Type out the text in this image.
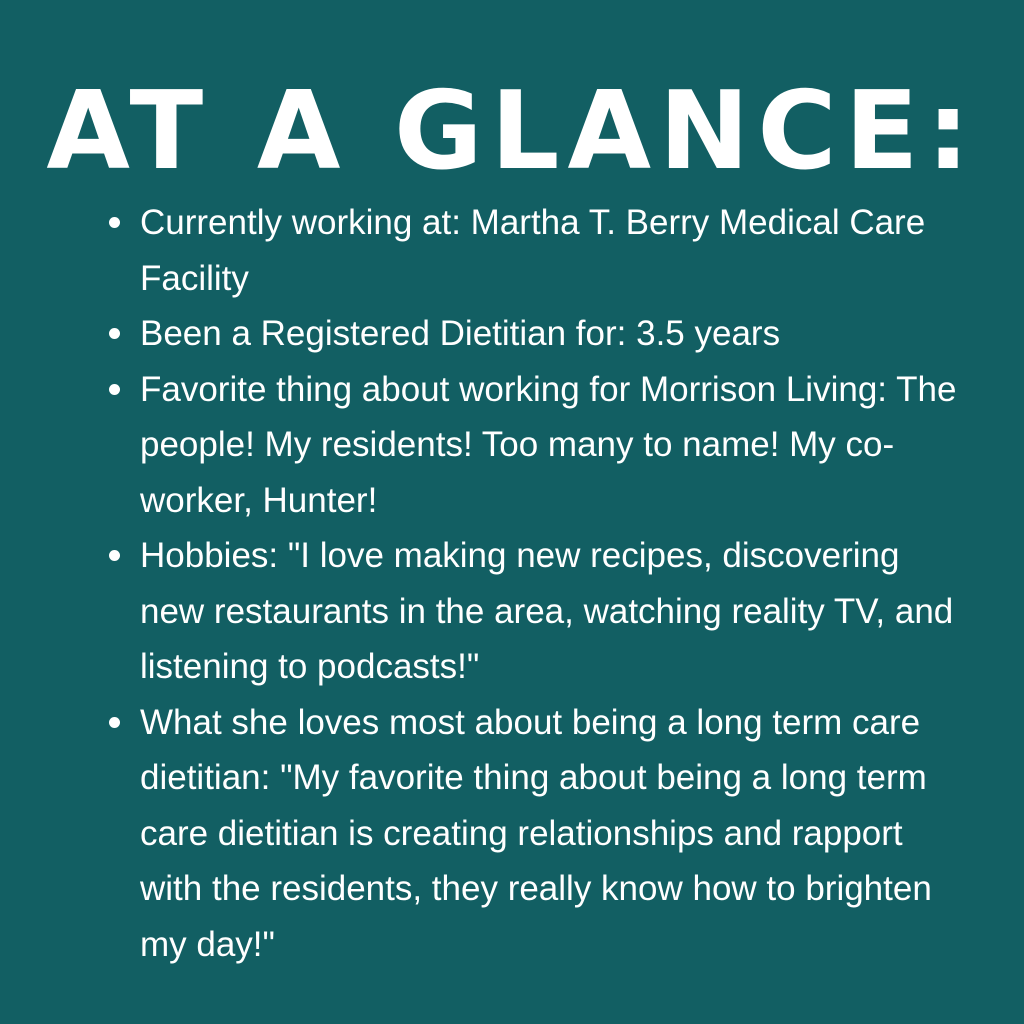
AT A GLANCE:
Currently working at: Martha T. Berry Medical Care Facility
Been a Registered Dietitian for: 3.5 years
Favorite thing about working for Morrison Living: The people! My residents! Too many to name! My co-worker, Hunter!
Hobbies: "I love making new recipes, discovering new restaurants in the area, watching reality TV, and listening to podcasts!"
What she loves most about being a long term care dietitian: "My favorite thing about being a long term care dietitian is creating relationships and rapport with the residents, they really know how to brighten my day!"
